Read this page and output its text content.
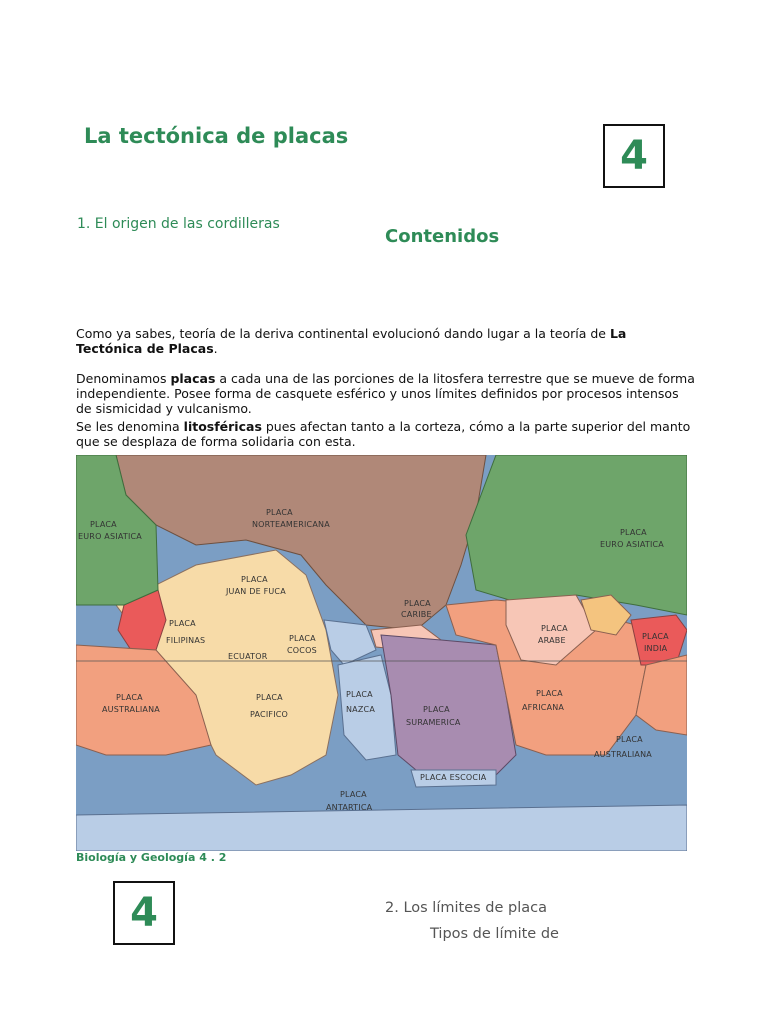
La tectónica de placas	4
1. El origen de las cordilleras
Contenidos
Como ya sabes, teoría de la deriva continental evolucionó dando lugar a la teoría de La Tectónica de Placas.
Denominamos placas a cada una de las porciones de la litosfera terrestre que se mueve de forma independiente. Posee forma de casquete esférico y unos límites definidos por procesos intensos de sismicidad y vulcanismo.
Se les denomina litosféricas pues afectan tanto a la corteza, cómo a la parte superior del manto que se desplaza de forma solidaria con esta.
ECUATOR
PLACA
EURO ASIATICA
PLACA
NORTEAMERICANA
PLACA
EURO ASIATICA
PLACA
JUAN DE FUCA
PLACA
CARIBE
PLACA
ARABE	PLACA
INDIA
PLACA
FILIPINAS	PLACA
COCOS
PLACA
AUSTRALIANA
PLACA
PACIFICO
PLACA
NAZCA	PLACA
SURAMERICA
PLACA
AFRICANA
PLACA
AUSTRALIANA
PLACA ESCOCIA
PLACA
ANTARTICA
Biología y Geología 4 . 2
4	2. Los límites de placa
Tipos de límite de
